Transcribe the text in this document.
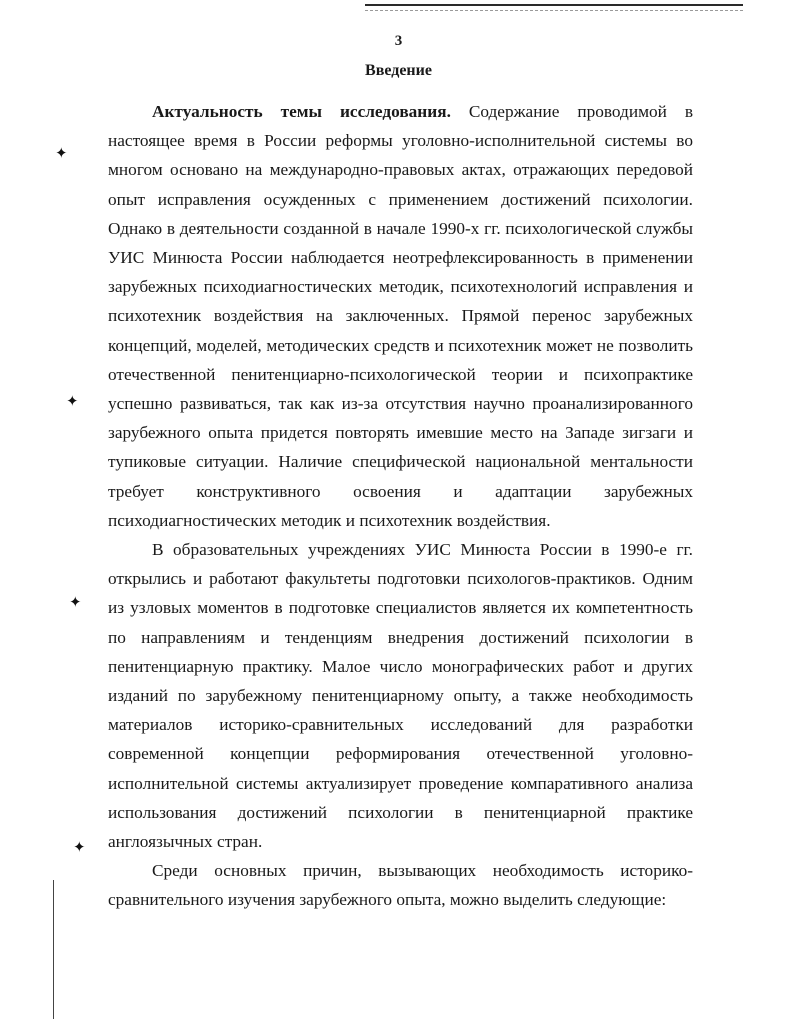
✦
✦
✦
✦
3
Введение

Актуальность темы исследования. Содержание проводимой в настоящее время в России реформы уголовно-исполнительной системы во многом основано на международно-правовых актах, отражающих передовой опыт исправления осужденных с применением достижений психологии. Однако в деятельности созданной в начале 1990-х гг. психологической службы УИС Минюста России наблюдается неотрефлексированность в применении зарубежных психодиагностических методик, психотехнологий исправления и психотехник воздействия на заключенных. Прямой перенос зарубежных концепций, моделей, методических средств и психотехник может не позволить отечественной пенитенциарно-психологической теории и психопрактике успешно развиваться, так как из-за отсутствия научно проанализированного зарубежного опыта придется повторять имевшие место на Западе зигзаги и тупиковые ситуации. Наличие специфической национальной ментальности требует конструктивного освоения и адаптации зарубежных психодиагностических методик и психотехник воздействия.

В образовательных учреждениях УИС Минюста России в 1990-е гг. открылись и работают факультеты подготовки психологов-практиков. Одним из узловых моментов в подготовке специалистов является их компетентность по направлениям и тенденциям внедрения достижений психологии в пенитенциарную практику. Малое число монографических работ и других изданий по зарубежному пенитенциарному опыту, а также необходимость материалов историко-сравнительных исследований для разработки современной концепции реформирования отечественной уголовно-исполнительной системы актуализирует проведение компаративного анализа использования достижений психологии в пенитенциарной практике англоязычных стран.

Среди основных причин, вызывающих необходимость историко-сравнительного изучения зарубежного опыта, можно выделить следующие:
